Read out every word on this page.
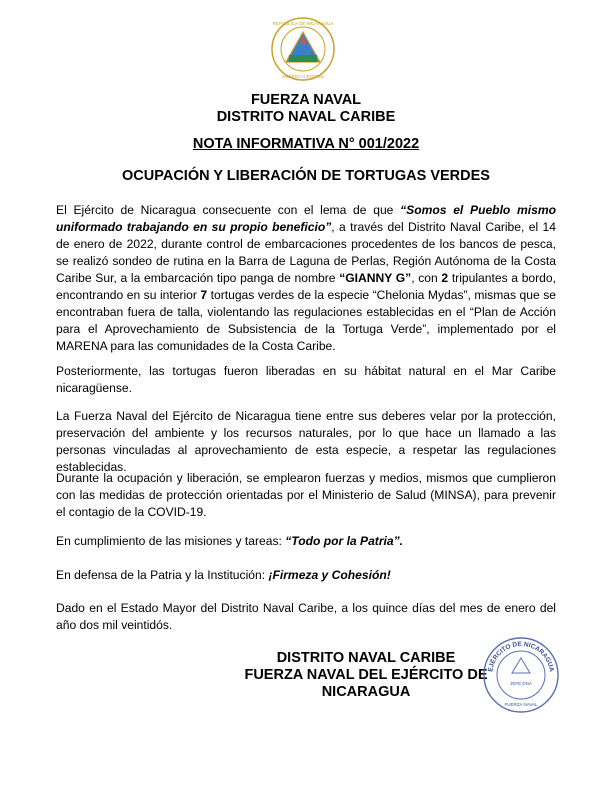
REPÚBLICA DE NICARAGUA
AMÉRICA CENTRAL
FUERZA NAVAL
DISTRITO NAVAL CARIBE
NOTA INFORMATIVA N° 001/2022
OCUPACIÓN Y LIBERACIÓN DE TORTUGAS VERDES

El Ejército de Nicaragua consecuente con el lema de que “Somos el Pueblo mismo uniformado trabajando en su propio beneficio”, a través del Distrito Naval Caribe, el 14 de enero de 2022, durante control de embarcaciones procedentes de los bancos de pesca, se realizó sondeo de rutina en la Barra de Laguna de Perlas, Región Autónoma de la Costa Caribe Sur, a la embarcación tipo panga de nombre “GIANNY G”, con 2 tripulantes a bordo, encontrando en su interior 7 tortugas verdes de la especie “Chelonia Mydas”, mismas que se encontraban fuera de talla, violentando las regulaciones establecidas en el “Plan de Acción para el Aprovechamiento de Subsistencia de la Tortuga Verde”, implementado por el MARENA para las comunidades de la Costa Caribe.

Posteriormente, las tortugas fueron liberadas en su hábitat natural en el Mar Caribe nicaragüense.
La Fuerza Naval del Ejército de Nicaragua tiene entre sus deberes velar por la protección, preservación del ambiente y los recursos naturales, por lo que hace un llamado a las personas vinculadas al aprovechamiento de esta especie, a respetar las regulaciones establecidas.
Durante la ocupación y liberación, se emplearon fuerzas y medios, mismos que cumplieron con las medidas de protección orientadas por el Ministerio de Salud (MINSA), para prevenir el contagio de la COVID-19.
En cumplimiento de las misiones y tareas: “Todo por la Patria”.
En defensa de la Patria y la Institución: ¡Firmeza y Cohesión!
Dado en el Estado Mayor del Distrito Naval Caribe, a los quince días del mes de enero del año dos mil veintidós.
DISTRITO NAVAL CARIBE
FUERZA NAVAL DEL EJÉRCITO DE NICARAGUA
EJÉRCITO DE NICARAGUA
JEFE DNA
FUERZA NAVAL
